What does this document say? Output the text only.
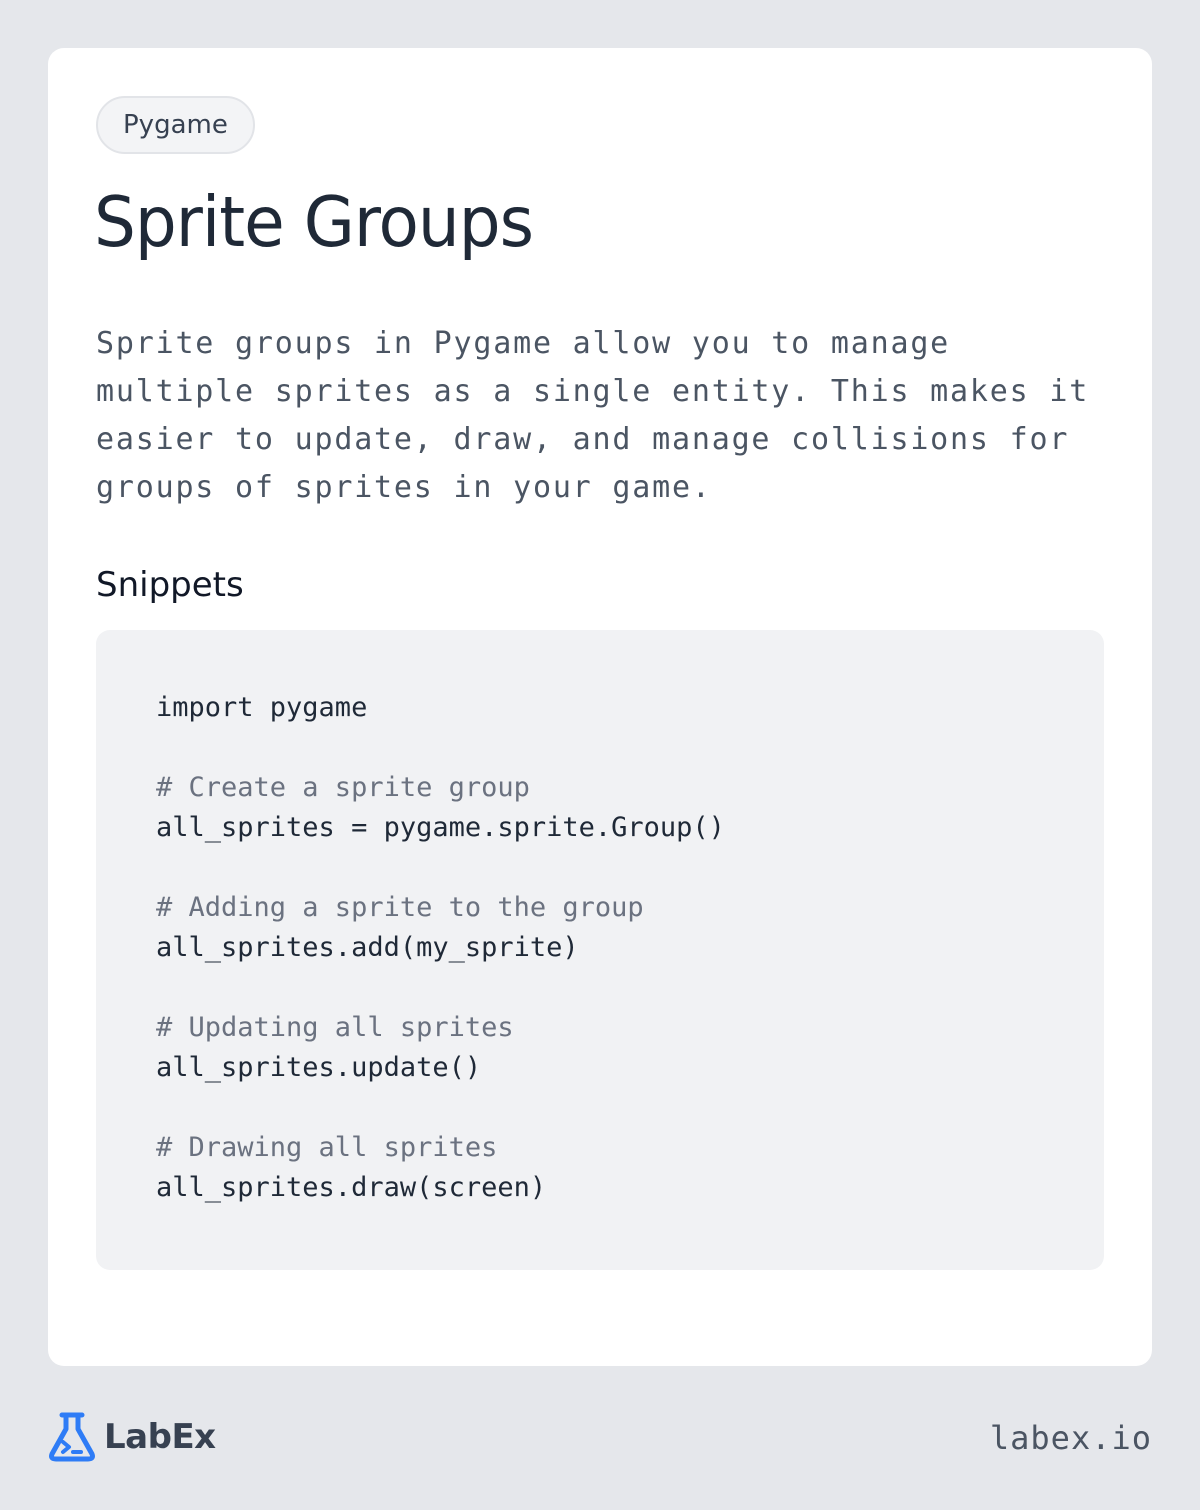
Pygame
Sprite Groups

Sprite groups in Pygame allow you to manage multiple sprites as a single entity. This makes it easier to update, draw, and manage collisions for groups of sprites in your game.

Snippets
import pygame
# Create a sprite group
all_sprites = pygame.sprite.Group()
# Adding a sprite to the group
all_sprites.add(my_sprite)
# Updating all sprites
all_sprites.update()
# Drawing all sprites
all_sprites.draw(screen)
LabEx	labex.io
